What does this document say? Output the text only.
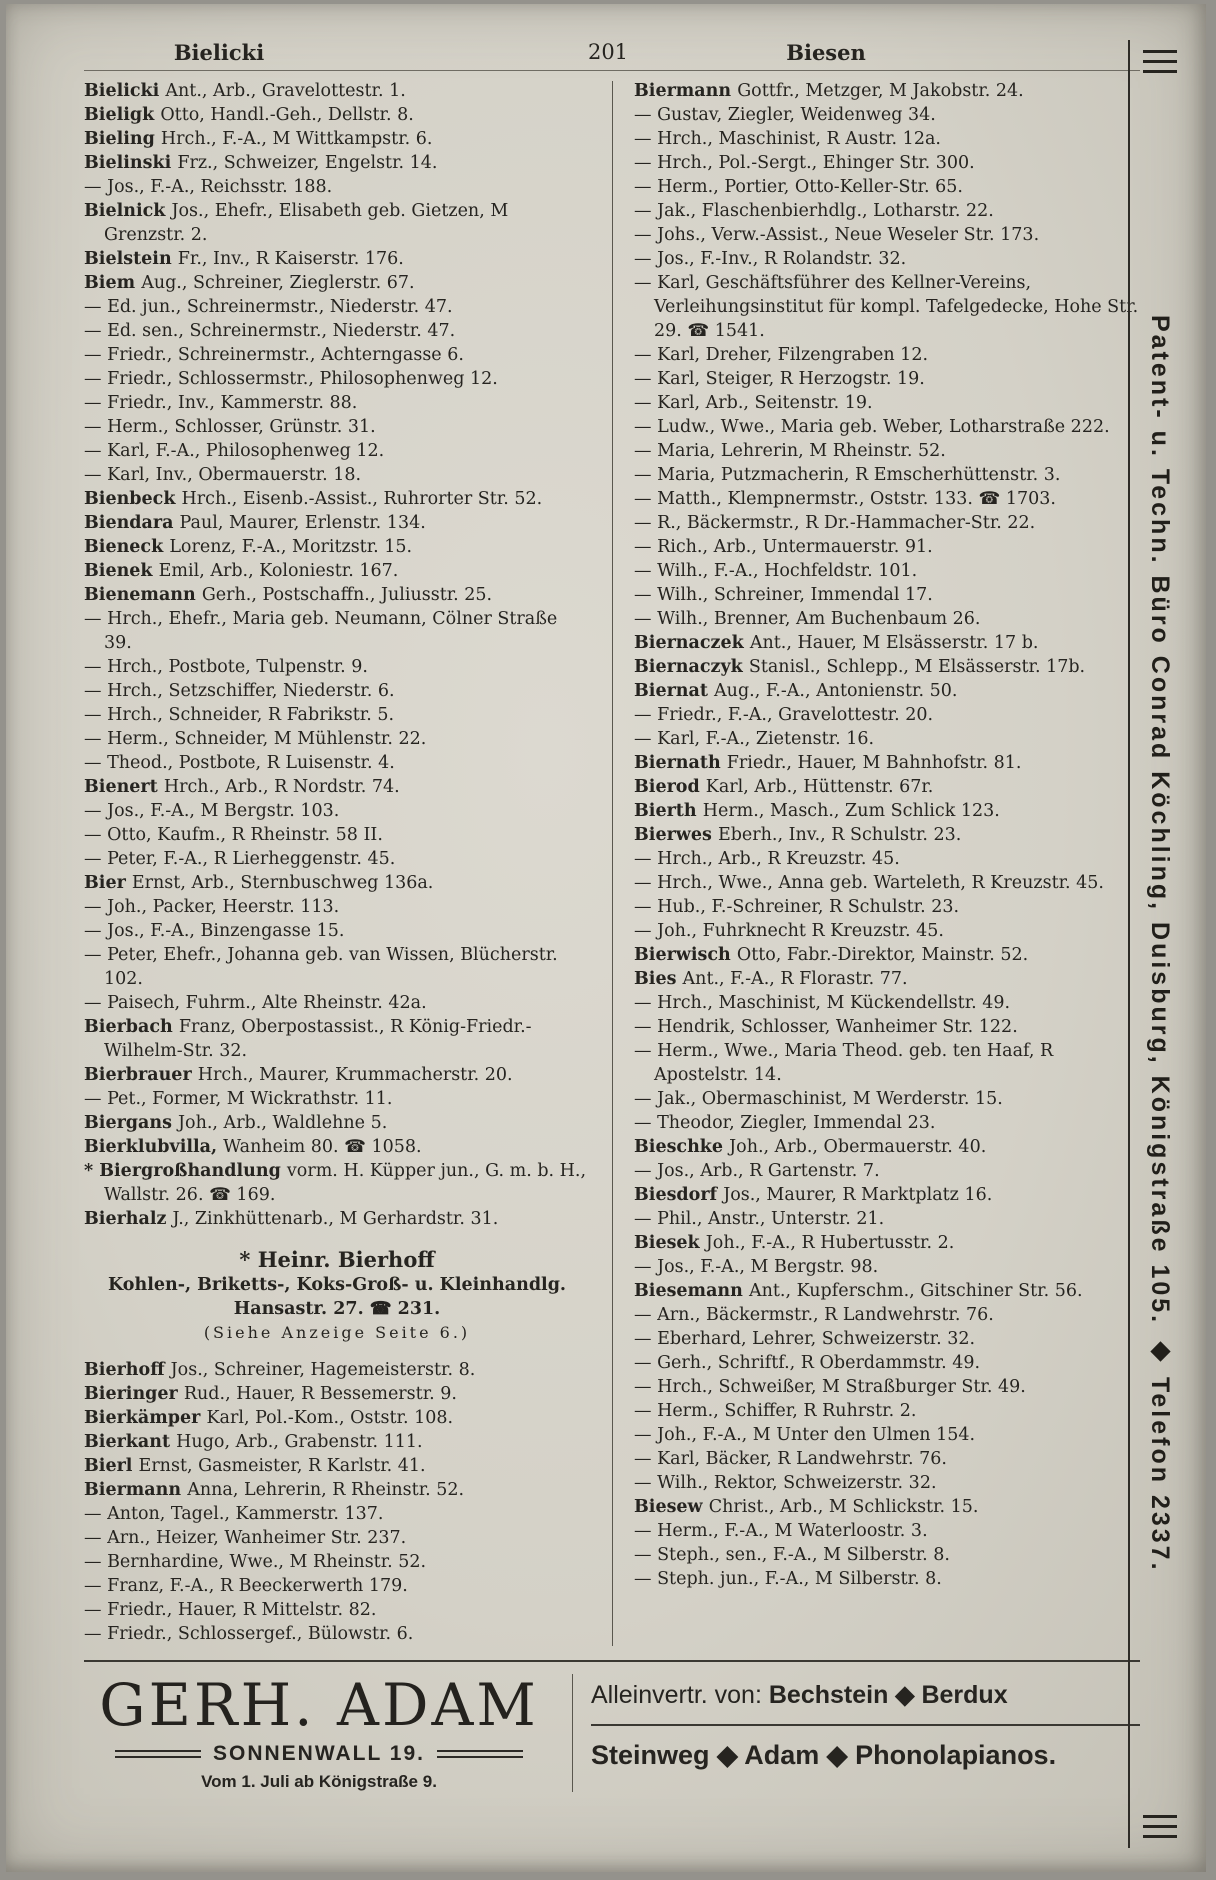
Bielicki	201	Biesen

Bielicki Ant., Arb., Gravelottestr. 1.

Bieligk Otto, Handl.-Geh., Dellstr. 8.

Bieling Hrch., F.-A., M Wittkampstr. 6.

Bielinski Frz., Schweizer, Engelstr. 14.

— Jos., F.-A., Reichsstr. 188.

Bielnick Jos., Ehefr., Elisabeth geb. Gietzen, M Grenzstr. 2.

Bielstein Fr., Inv., R Kaiserstr. 176.

Biem Aug., Schreiner, Zieglerstr. 67.

— Ed. jun., Schreinermstr., Niederstr. 47.

— Ed. sen., Schreinermstr., Niederstr. 47.

— Friedr., Schreinermstr., Achterngasse 6.

— Friedr., Schlossermstr., Philosophenweg 12.

— Friedr., Inv., Kammerstr. 88.

— Herm., Schlosser, Grünstr. 31.

— Karl, F.-A., Philosophenweg 12.

— Karl, Inv., Obermauerstr. 18.

Bienbeck Hrch., Eisenb.-Assist., Ruhrorter Str. 52.

Biendara Paul, Maurer, Erlenstr. 134.

Bieneck Lorenz, F.-A., Moritzstr. 15.

Bienek Emil, Arb., Koloniestr. 167.

Bienemann Gerh., Postschaffn., Juliusstr. 25.

— Hrch., Ehefr., Maria geb. Neumann, Cölner Straße 39.

— Hrch., Postbote, Tulpenstr. 9.

— Hrch., Setzschiffer, Niederstr. 6.

— Hrch., Schneider, R Fabrikstr. 5.

— Herm., Schneider, M Mühlenstr. 22.

— Theod., Postbote, R Luisenstr. 4.

Bienert Hrch., Arb., R Nordstr. 74.

— Jos., F.-A., M Bergstr. 103.

— Otto, Kaufm., R Rheinstr. 58 II.

— Peter, F.-A., R Lierheggenstr. 45.

Bier Ernst, Arb., Sternbuschweg 136a.

— Joh., Packer, Heerstr. 113.

— Jos., F.-A., Binzengasse 15.

— Peter, Ehefr., Johanna geb. van Wissen, Blücherstr. 102.

— Paisech, Fuhrm., Alte Rheinstr. 42a.

Bierbach Franz, Oberpostassist., R König-Friedr.-Wilhelm-Str. 32.

Bierbrauer Hrch., Maurer, Krummacherstr. 20.

— Pet., Former, M Wickrathstr. 11.

Biergans Joh., Arb., Waldlehne 5.

Bierklubvilla, Wanheim 80. ☎ 1058.

* Biergroßhandlung vorm. H. Küpper jun., G. m. b. H., Wallstr. 26. ☎ 169.

Bierhalz J., Zinkhüttenarb., M Gerhardstr. 31.

* Heinr. Bierhoff
Kohlen-, Briketts-, Koks-Groß- u. Kleinhandlg.
Hansastr. 27. ☎ 231.
(Siehe Anzeige Seite 6.)

Bierhoff Jos., Schreiner, Hagemeisterstr. 8.

Bieringer Rud., Hauer, R Bessemerstr. 9.

Bierkämper Karl, Pol.-Kom., Oststr. 108.

Bierkant Hugo, Arb., Grabenstr. 111.

Bierl Ernst, Gasmeister, R Karlstr. 41.

Biermann Anna, Lehrerin, R Rheinstr. 52.

— Anton, Tagel., Kammerstr. 137.

— Arn., Heizer, Wanheimer Str. 237.

— Bernhardine, Wwe., M Rheinstr. 52.

— Franz, F.-A., R Beeckerwerth 179.

— Friedr., Hauer, R Mittelstr. 82.

— Friedr., Schlossergef., Bülowstr. 6.

Biermann Gottfr., Metzger, M Jakobstr. 24.

— Gustav, Ziegler, Weidenweg 34.

— Hrch., Maschinist, R Austr. 12a.

— Hrch., Pol.-Sergt., Ehinger Str. 300.

— Herm., Portier, Otto-Keller-Str. 65.

— Jak., Flaschenbierhdlg., Lotharstr. 22.

— Johs., Verw.-Assist., Neue Weseler Str. 173.

— Jos., F.-Inv., R Rolandstr. 32.

— Karl, Geschäftsführer des Kellner-Vereins, Verleihungsinstitut für kompl. Tafelgedecke, Hohe Str. 29. ☎ 1541.

— Karl, Dreher, Filzengraben 12.

— Karl, Steiger, R Herzogstr. 19.

— Karl, Arb., Seitenstr. 19.

— Ludw., Wwe., Maria geb. Weber, Lotharstraße 222.

— Maria, Lehrerin, M Rheinstr. 52.

— Maria, Putzmacherin, R Emscherhüttenstr. 3.

— Matth., Klempnermstr., Oststr. 133. ☎ 1703.

— R., Bäckermstr., R Dr.-Hammacher-Str. 22.

— Rich., Arb., Untermauerstr. 91.

— Wilh., F.-A., Hochfeldstr. 101.

— Wilh., Schreiner, Immendal 17.

— Wilh., Brenner, Am Buchenbaum 26.

Biernaczek Ant., Hauer, M Elsässerstr. 17 b.

Biernaczyk Stanisl., Schlepp., M Elsässerstr. 17b.

Biernat Aug., F.-A., Antonienstr. 50.

— Friedr., F.-A., Gravelottestr. 20.

— Karl, F.-A., Zietenstr. 16.

Biernath Friedr., Hauer, M Bahnhofstr. 81.

Bierod Karl, Arb., Hüttenstr. 67r.

Bierth Herm., Masch., Zum Schlick 123.

Bierwes Eberh., Inv., R Schulstr. 23.

— Hrch., Arb., R Kreuzstr. 45.

— Hrch., Wwe., Anna geb. Warteleth, R Kreuzstr. 45.

— Hub., F.-Schreiner, R Schulstr. 23.

— Joh., Fuhrknecht R Kreuzstr. 45.

Bierwisch Otto, Fabr.-Direktor, Mainstr. 52.

Bies Ant., F.-A., R Florastr. 77.

— Hrch., Maschinist, M Kückendellstr. 49.

— Hendrik, Schlosser, Wanheimer Str. 122.

— Herm., Wwe., Maria Theod. geb. ten Haaf, R Apostelstr. 14.

— Jak., Obermaschinist, M Werderstr. 15.

— Theodor, Ziegler, Immendal 23.

Bieschke Joh., Arb., Obermauerstr. 40.

— Jos., Arb., R Gartenstr. 7.

Biesdorf Jos., Maurer, R Marktplatz 16.

— Phil., Anstr., Unterstr. 21.

Biesek Joh., F.-A., R Hubertusstr. 2.

— Jos., F.-A., M Bergstr. 98.

Biesemann Ant., Kupferschm., Gitschiner Str. 56.

— Arn., Bäckermstr., R Landwehrstr. 76.

— Eberhard, Lehrer, Schweizerstr. 32.

— Gerh., Schriftf., R Oberdammstr. 49.

— Hrch., Schweißer, M Straßburger Str. 49.

— Herm., Schiffer, R Ruhrstr. 2.

— Joh., F.-A., M Unter den Ulmen 154.

— Karl, Bäcker, R Landwehrstr. 76.

— Wilh., Rektor, Schweizerstr. 32.

Biesew Christ., Arb., M Schlickstr. 15.

— Herm., F.-A., M Waterloostr. 3.

— Steph., sen., F.-A., M Silberstr. 8.

— Steph. jun., F.-A., M Silberstr. 8.

GERH. ADAM
SONNENWALL 19.
Vom 1. Juli ab Königstraße 9.
Alleinvertr. von: Bechstein ◆ Berdux
Steinweg ◆ Adam ◆ Phonolapianos.
Patent- u. Techn. Büro Conrad Köchling, Duisburg, Königstraße 105. ◆ Telefon 2337.
